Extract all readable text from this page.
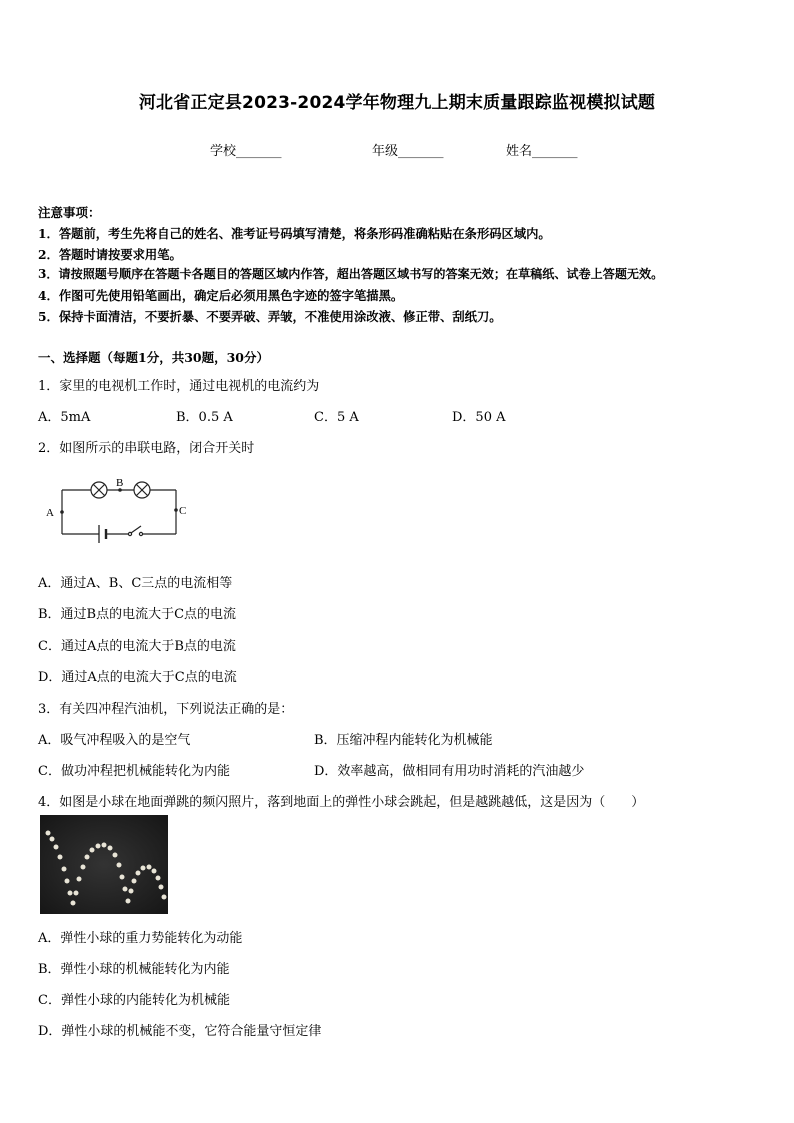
河北省正定县2023-2024学年物理九上期末质量跟踪监视模拟试题
学校_______	年级_______	姓名_______
注意事项：
1．答题前，考生先将自己的姓名、准考证号码填写清楚，将条形码准确粘贴在条形码区域内。
2．答题时请按要求用笔。
3．请按照题号顺序在答题卡各题目的答题区域内作答，超出答题区域书写的答案无效；在草稿纸、试卷上答题无效。
4．作图可先使用铅笔画出，确定后必须用黑色字迹的签字笔描黑。
5．保持卡面清洁，不要折暴、不要弄破、弄皱，不准使用涂改液、修正带、刮纸刀。
一、选择题（每题1分，共30题，30分）
1．家里的电视机工作时，通过电视机的电流约为
A．5mA	B．0.5 A	C．5 A	D．50 A
2．如图所示的串联电路，闭合开关时
A
B
C
A．通过A、B、C三点的电流相等
B．通过B点的电流大于C点的电流
C．通过A点的电流大于B点的电流
D．通过A点的电流大于C点的电流
3．有关四冲程汽油机，下列说法正确的是：
A．吸气冲程吸入的是空气	B．压缩冲程内能转化为机械能
C．做功冲程把机械能转化为内能	D．效率越高，做相同有用功时消耗的汽油越少
4．如图是小球在地面弹跳的频闪照片，落到地面上的弹性小球会跳起，但是越跳越低，这是因为（　　）
A．弹性小球的重力势能转化为动能
B．弹性小球的机械能转化为内能
C．弹性小球的内能转化为机械能
D．弹性小球的机械能不变，它符合能量守恒定律
